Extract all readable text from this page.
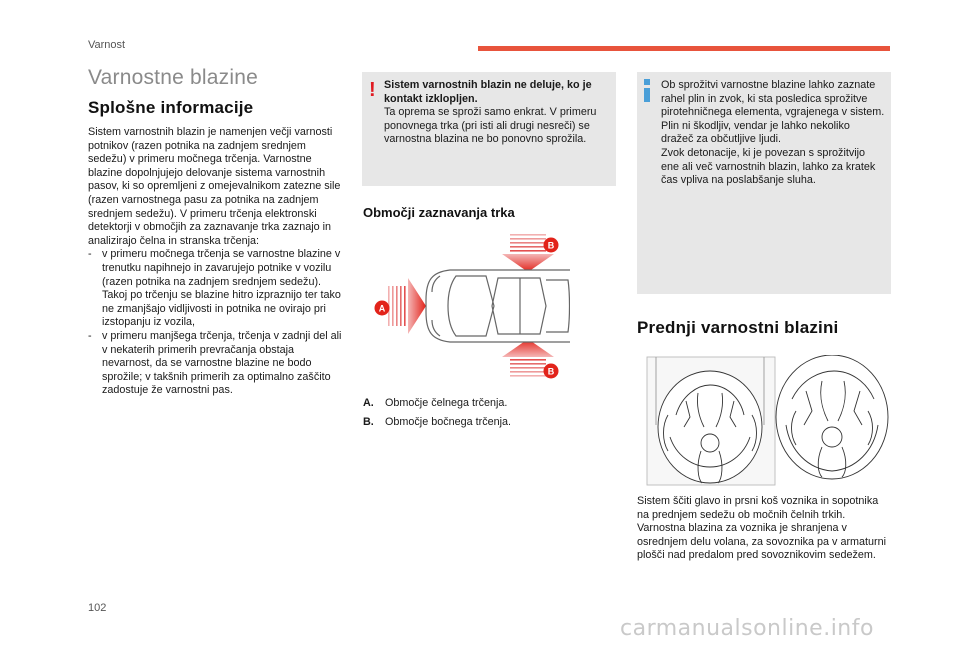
Varnost
Varnostne blazine
Splošne informacije
Sistem varnostnih blazin je namenjen večji varnosti potnikov (razen potnika na zadnjem srednjem sedežu) v primeru močnega trčenja. Varnostne blazine dopolnjujejo delovanje sistema varnostnih pasov, ki so opremljeni z omejevalnikom zatezne sile (razen varnostnega pasu za potnika na zadnjem srednjem sedežu). V primeru trčenja elektronski detektorji v območjih za zaznavanje trka zaznajo in analizirajo čelna in stranska trčenja:
- v primeru močnega trčenja se varnostne blazine v trenutku napihnejo in zavarujejo potnike v vozilu (razen potnika na zadnjem srednjem sedežu). Takoj po trčenju se blazine hitro izpraznijo ter tako ne zmanjšajo vidljivosti in potnika ne ovirajo pri izstopanju iz vozila,
- v primeru manjšega trčenja, trčenja v zadnji del ali v nekaterih primerih prevračanja obstaja nevarnost, da se varnostne blazine ne bodo sprožile; v takšnih primerih za optimalno zaščito zadostuje že varnostni pas.
! Sistem varnostnih blazin ne deluje, ko je kontakt izklopljen.
Ta oprema se sproži samo enkrat. V primeru ponovnega trka (pri isti ali drugi nesreči) se varnostna blazina ne bo ponovno sprožila.
Območji zaznavanja trka
B
A
B
A.	Območje čelnega trčenja.
B.	Območje bočnega trčenja.
Ob sprožitvi varnostne blazine lahko zaznate rahel plin in zvok, ki sta posledica sprožitve pirotehničnega elementa, vgrajenega v sistem.
Plin ni škodljiv, vendar je lahko nekoliko dražeč za občutljive ljudi.
Zvok detonacije, ki je povezan s sprožitvijo ene ali več varnostnih blazin, lahko za kratek čas vpliva na poslabšanje sluha.
Prednji varnostni blazini
Sistem ščiti glavo in prsni koš voznika in sopotnika na prednjem sedežu ob močnih čelnih trkih.
Varnostna blazina za voznika je shranjena v osrednjem delu volana, za sovoznika pa v armaturni plošči nad predalom pred sovoznikovim sedežem.
102
carmanualsonline.info
